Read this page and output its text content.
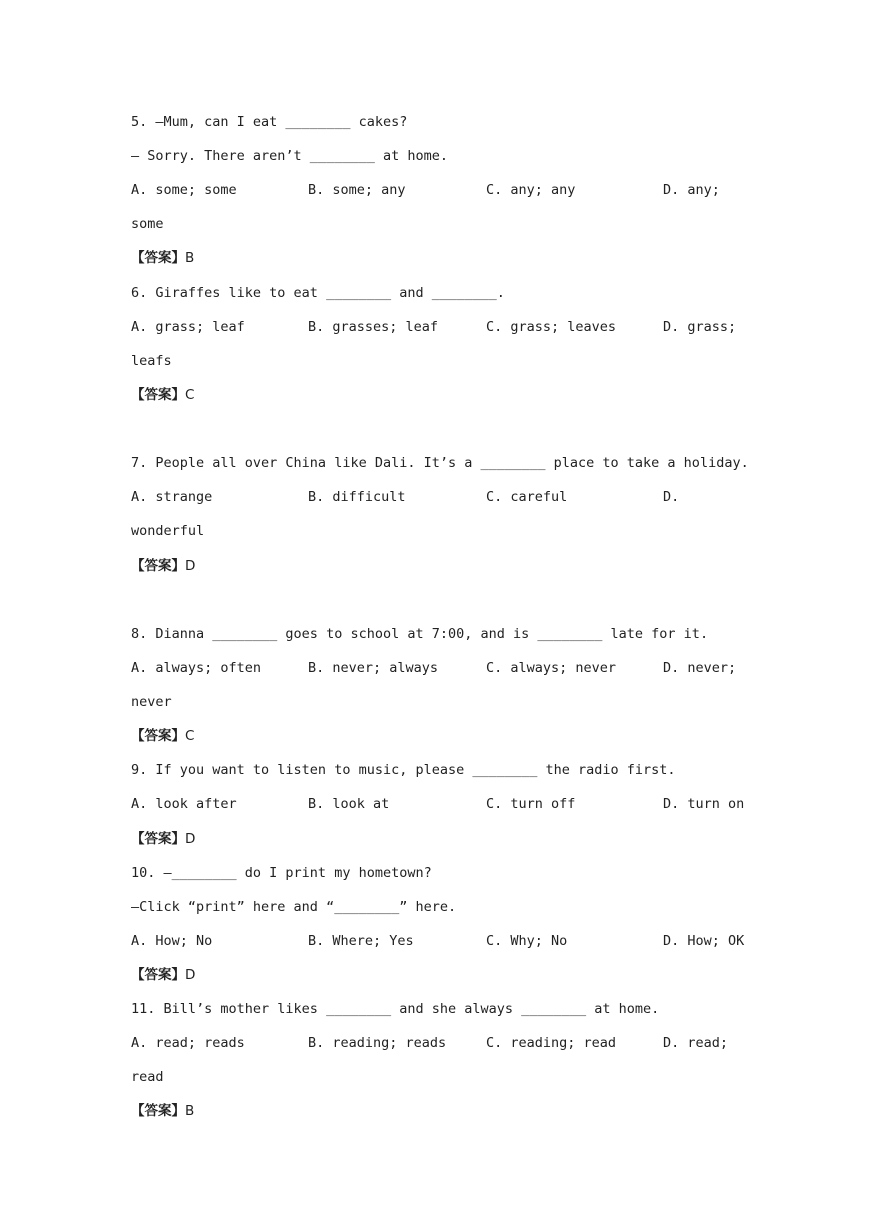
5. —Mum, can I eat ________ cakes?
— Sorry. There aren’t ________ at home.
A. some; some	B. some; any	C. any; any	D. any;
some
【答案】B
6. Giraffes like to eat ________ and ________.
A. grass; leaf	B. grasses; leaf	C. grass; leaves	D. grass;
leafs
【答案】C
7. People all over China like Dali. It’s a ________ place to take a holiday.
A. strange	B. difficult	C. careful	D.
wonderful
【答案】D
8. Dianna ________ goes to school at 7:00, and is ________ late for it.
A. always; often	B. never; always	C. always; never	D. never;
never
【答案】C
9. If you want to listen to music, please ________ the radio first.
A. look after	B. look at	C. turn off	D. turn on
【答案】D
10. —________ do I print my hometown?
—Click “print” here and “________” here.
A. How; No	B. Where; Yes	C. Why; No	D. How; OK
【答案】D
11. Bill’s mother likes ________ and she always ________ at home.
A. read; reads	B. reading; reads	C. reading; read	D. read;
read
【答案】B
